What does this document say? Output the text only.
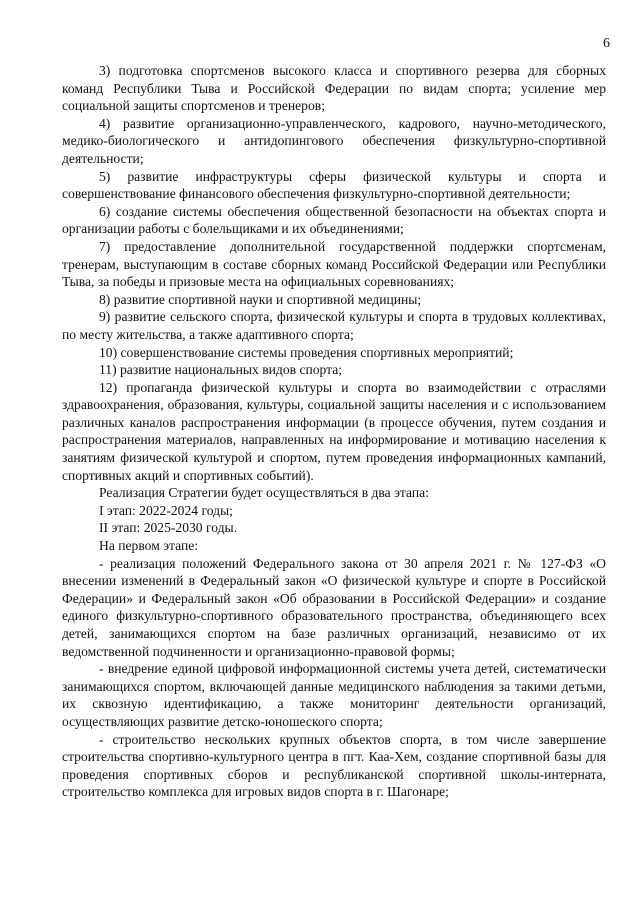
6

3) подготовка спортсменов высокого класса и спортивного резерва для сборных команд Республики Тыва и Российской Федерации по видам спорта; усиление мер социальной защиты спортсменов и тренеров;

4) развитие организационно-управленческого, кадрового, научно-методического, медико-биологического и антидопингового обеспечения физкультурно-спортивной деятельности;

5) развитие инфраструктуры сферы физической культуры и спорта и совершенствование финансового обеспечения физкультурно-спортивной деятельности;

6) создание системы обеспечения общественной безопасности на объектах спорта и организации работы с болельщиками и их объединениями;

7) предоставление дополнительной государственной поддержки спортсменам, тренерам, выступающим в составе сборных команд Российской Федерации или Республики Тыва, за победы и призовые места на официальных соревнованиях;

8) развитие спортивной науки и спортивной медицины;

9) развитие сельского спорта, физической культуры и спорта в трудовых коллективах, по месту жительства, а также адаптивного спорта;

10) совершенствование системы проведения спортивных мероприятий;

11) развитие национальных видов спорта;

12) пропаганда физической культуры и спорта во взаимодействии с отраслями здравоохранения, образования, культуры, социальной защиты населения и с использованием различных каналов распространения информации (в процессе обучения, путем создания и распространения материалов, направленных на информирование и мотивацию населения к занятиям физической культурой и спортом, путем проведения информационных кампаний, спортивных акций и спортивных событий).

Реализация Стратегии будет осуществляться в два этапа:

I этап: 2022-2024 годы;

II этап: 2025-2030 годы.

На первом этапе:

- реализация положений Федерального закона от 30 апреля 2021 г. № 127-ФЗ «О внесении изменений в Федеральный закон «О физической культуре и спорте в Российской Федерации» и Федеральный закон «Об образовании в Российской Федерации» и создание единого физкультурно-спортивного образовательного пространства, объединяющего всех детей, занимающихся спортом на базе различных организаций, независимо от их ведомственной подчиненности и организационно-правовой формы;

- внедрение единой цифровой информационной системы учета детей, систематически занимающихся спортом, включающей данные медицинского наблюдения за такими детьми, их сквозную идентификацию, а также мониторинг деятельности организаций, осуществляющих развитие детско-юношеского спорта;

- строительство нескольких крупных объектов спорта, в том числе завершение строительства спортивно-культурного центра в пгт. Каа-Хем, создание спортивной базы для проведения спортивных сборов и республиканской спортивной школы-интерната, строительство комплекса для игровых видов спорта в г. Шагонаре;
